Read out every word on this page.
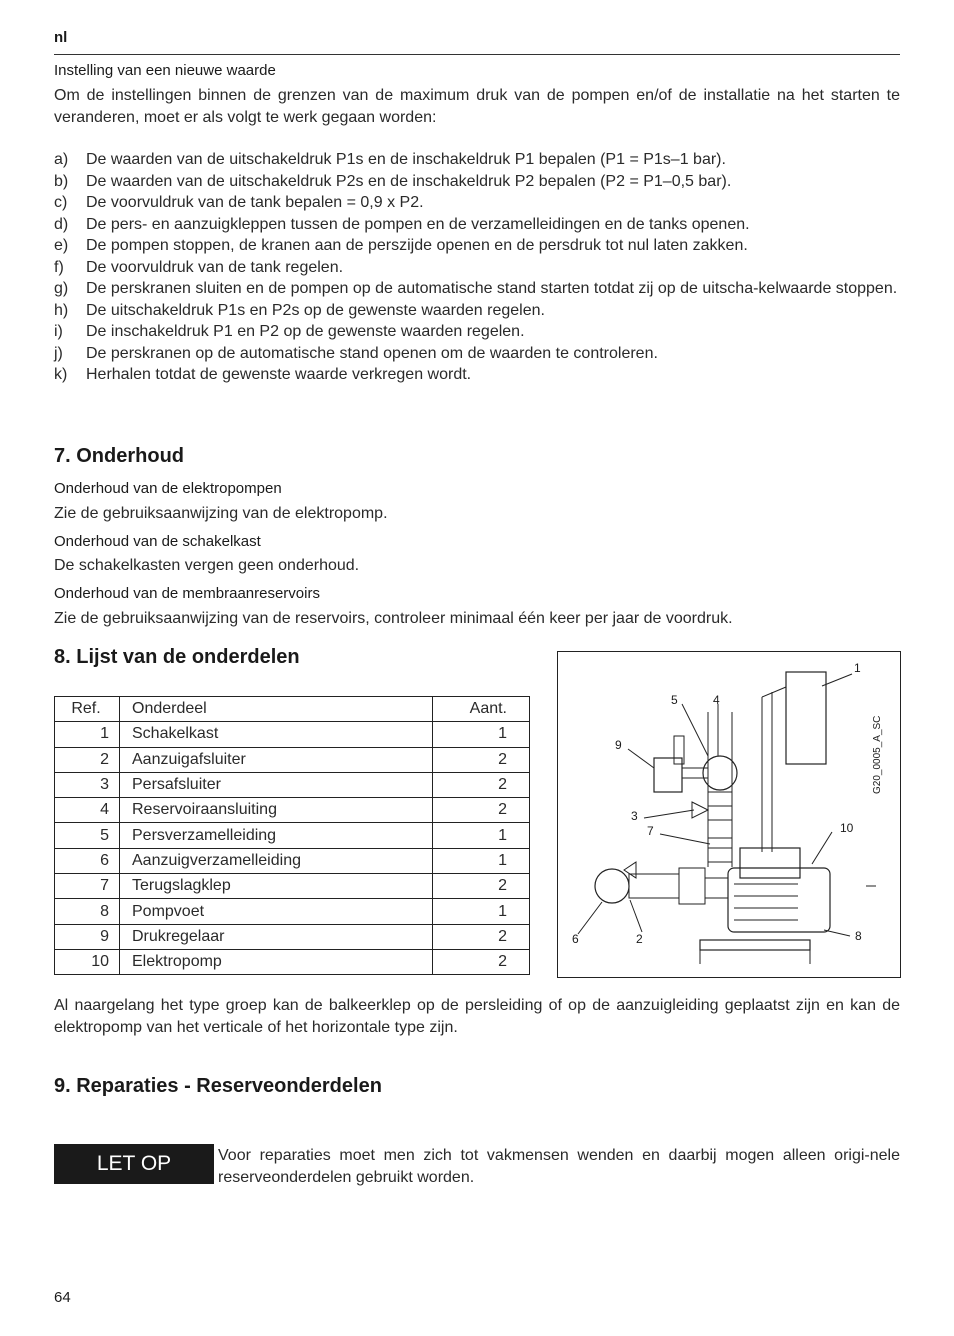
nl
Instelling van een nieuwe waarde
Om de instellingen binnen de grenzen van de maximum druk van de pompen en/of de installatie na het starten te veranderen, moet er als volgt te werk gegaan worden:
a) De waarden van de uitschakeldruk P1s en de inschakeldruk P1 bepalen (P1 = P1s–1 bar).
b) De waarden van de uitschakeldruk P2s en de inschakeldruk P2 bepalen (P2 = P1–0,5 bar).
c) De voorvuldruk van de tank bepalen = 0,9 x P2.
d) De pers- en aanzuigkleppen tussen de pompen en de verzamelleidingen en de tanks openen.
e) De pompen stoppen, de kranen aan de perszijde openen en de persdruk tot nul laten zakken.
f) De voorvuldruk van de tank regelen.
g) De perskranen sluiten en de pompen op de automatische stand starten totdat zij op de uitscha-kelwaarde stoppen.
h) De uitschakeldruk P1s en P2s op de gewenste waarden regelen.
i) De inschakeldruk P1 en P2 op de gewenste waarden regelen.
j) De perskranen op de automatische stand openen om de waarden te controleren.
k) Herhalen totdat de gewenste waarde verkregen wordt.
7. Onderhoud
Onderhoud van de elektropompen
Zie de gebruiksaanwijzing van de elektropomp.
Onderhoud van de schakelkast
De schakelkasten vergen geen onderhoud.
Onderhoud van de membraanreservoirs
Zie de gebruiksaanwijzing van de reservoirs, controleer minimaal één keer per jaar de voordruk.
8. Lijst van de onderdelen
Ref.	Onderdeel	Aant.
1	Schakelkast	1
2	Aanzuigafsluiter	2
3	Persafsluiter	2
4	Reservoiraansluiting	2
5	Persverzamelleiding	1
6	Aanzuigverzamelleiding	1
7	Terugslagklep	2
8	Pompvoet	1
9	Drukregelaar	2
10	Elektropomp	2
1
5	4
9
3
7	10
6	2	8
G20_0005_A_SC
Al naargelang het type groep kan de balkeerklep op de persleiding of op de aanzuigleiding geplaatst zijn en kan de elektropomp van het verticale of het horizontale type zijn.
9. Reparaties - Reserveonderdelen
LET OP	Voor reparaties moet men zich tot vakmensen wenden en daarbij mogen alleen origi-nele reserveonderdelen gebruikt worden.
64
